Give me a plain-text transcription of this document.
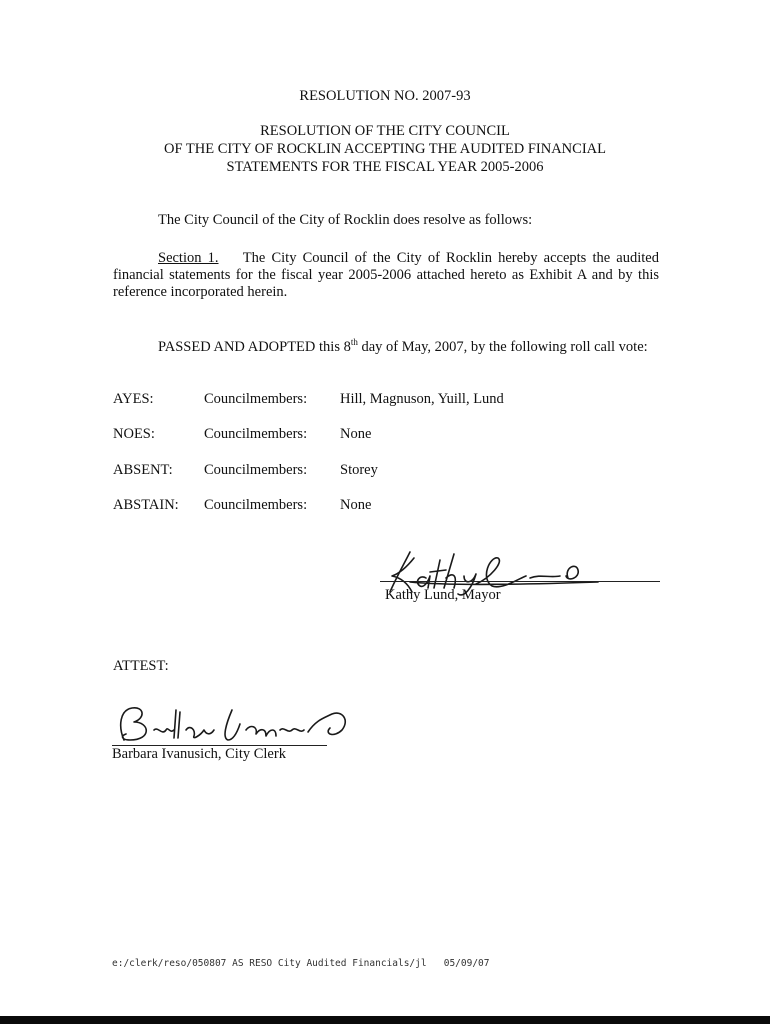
RESOLUTION NO. 2007-93
RESOLUTION OF THE CITY COUNCIL
OF THE CITY OF ROCKLIN ACCEPTING THE AUDITED FINANCIAL
STATEMENTS FOR THE FISCAL YEAR 2005-2006
The City Council of the City of Rocklin does resolve as follows:
Section 1. The City Council of the City of Rocklin hereby accepts the audited financial statements for the fiscal year 2005-2006 attached hereto as Exhibit A and by this reference incorporated herein.
PASSED AND ADOPTED this 8th day of May, 2007, by the following roll call vote:
AYES:	Councilmembers: Hill, Magnuson, Yuill, Lund
NOES:	Councilmembers: None
ABSENT: Councilmembers: Storey
ABSTAIN: Councilmembers: None
Kathy Lund, Mayor
ATTEST:
Barbara Ivanusich, City Clerk
e:/clerk/reso/050807 AS RESO City Audited Financials/jl   05/09/07
